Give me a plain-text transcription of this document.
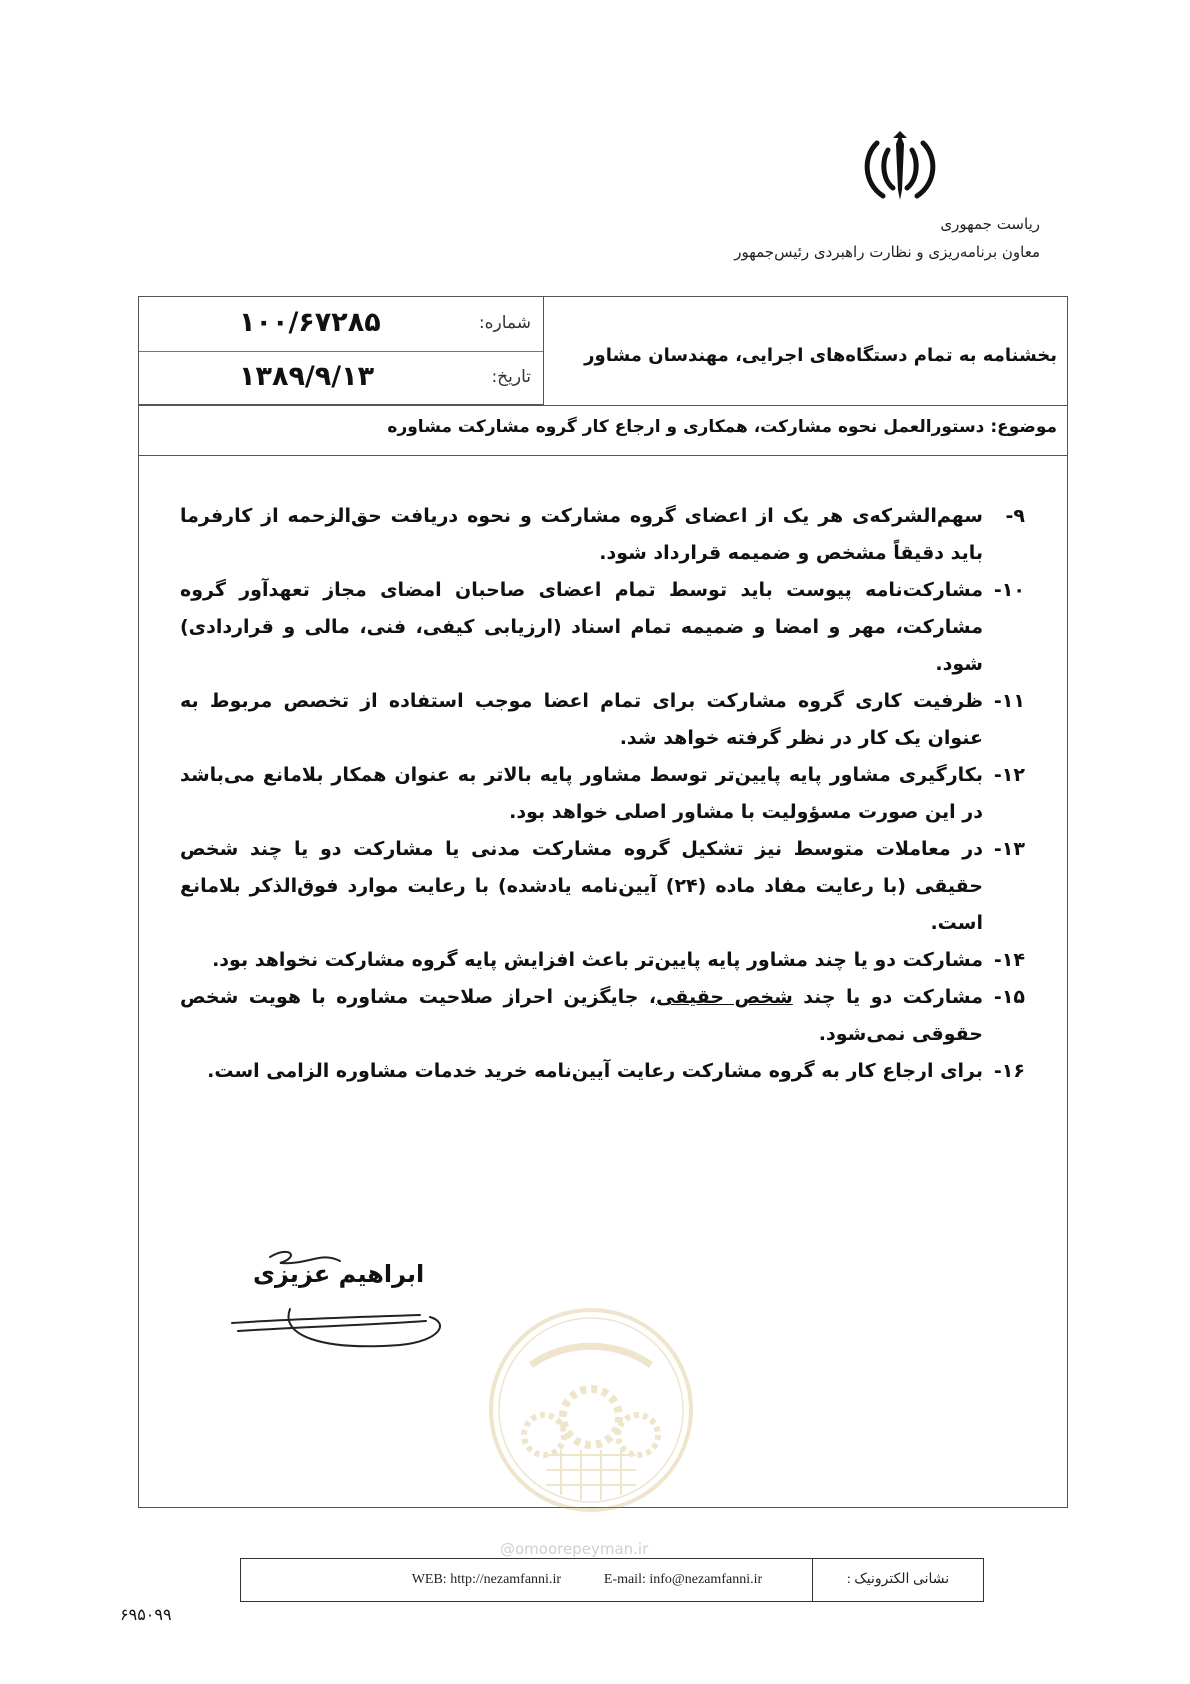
ریاست جمهوری
معاون برنامه‌ریزی و نظارت راهبردی رئیس‌جمهور
شماره:
۱۰۰/۶۷۲۸۵
تاریخ:
۱۳۸۹/۹/۱۳
بخشنامه به تمام دستگاه‌های اجرایی، مهندسان مشاور
موضوع: دستورالعمل نحوه مشارکت، همکاری و ارجاع کار گروه مشارکت مشاوره
۹-سهم‌الشرکه‌ی هر یک از اعضای گروه مشارکت و نحوه دریافت حق‌الزحمه از کارفرما باید دقیقاً مشخص و ضمیمه قرارداد شود.
۱۰-مشارکت‌نامه پیوست باید توسط تمام اعضای صاحبان امضای مجاز تعهدآور گروه مشارکت، مهر و امضا و ضمیمه تمام اسناد (ارزیابی کیفی، فنی، مالی و قراردادی) شود.
۱۱-ظرفیت کاری گروه مشارکت برای تمام اعضا موجب استفاده از تخصص مربوط به عنوان یک کار در نظر گرفته خواهد شد.
۱۲-بکارگیری مشاور پایه پایین‌تر توسط مشاور پایه بالاتر به عنوان همکار بلامانع می‌باشد در این صورت مسؤولیت با مشاور اصلی خواهد بود.
۱۳-در معاملات متوسط نیز تشکیل گروه مشارکت مدنی یا مشارکت دو یا چند شخص حقیقی (با رعایت مفاد ماده (۲۴) آیین‌نامه یادشده) با رعایت موارد فوق‌الذکر بلامانع است.
۱۴-مشارکت دو یا چند مشاور پایه پایین‌تر باعث افزایش پایه گروه مشارکت نخواهد بود.
۱۵-مشارکت دو یا چند شخص حقیقی، جایگزین احراز صلاحیت مشاوره با هویت شخص حقوقی نمی‌شود.
۱۶-برای ارجاع کار به گروه مشارکت رعایت آیین‌نامه خرید خدمات مشاوره الزامی است.
ابراهیم عزیزی
@omoorepeyman.ir
نشانی الکترونیک :
E-mail: info@nezamfanni.ir
WEB: http://nezamfanni.ir
۶۹۵۰۹۹
